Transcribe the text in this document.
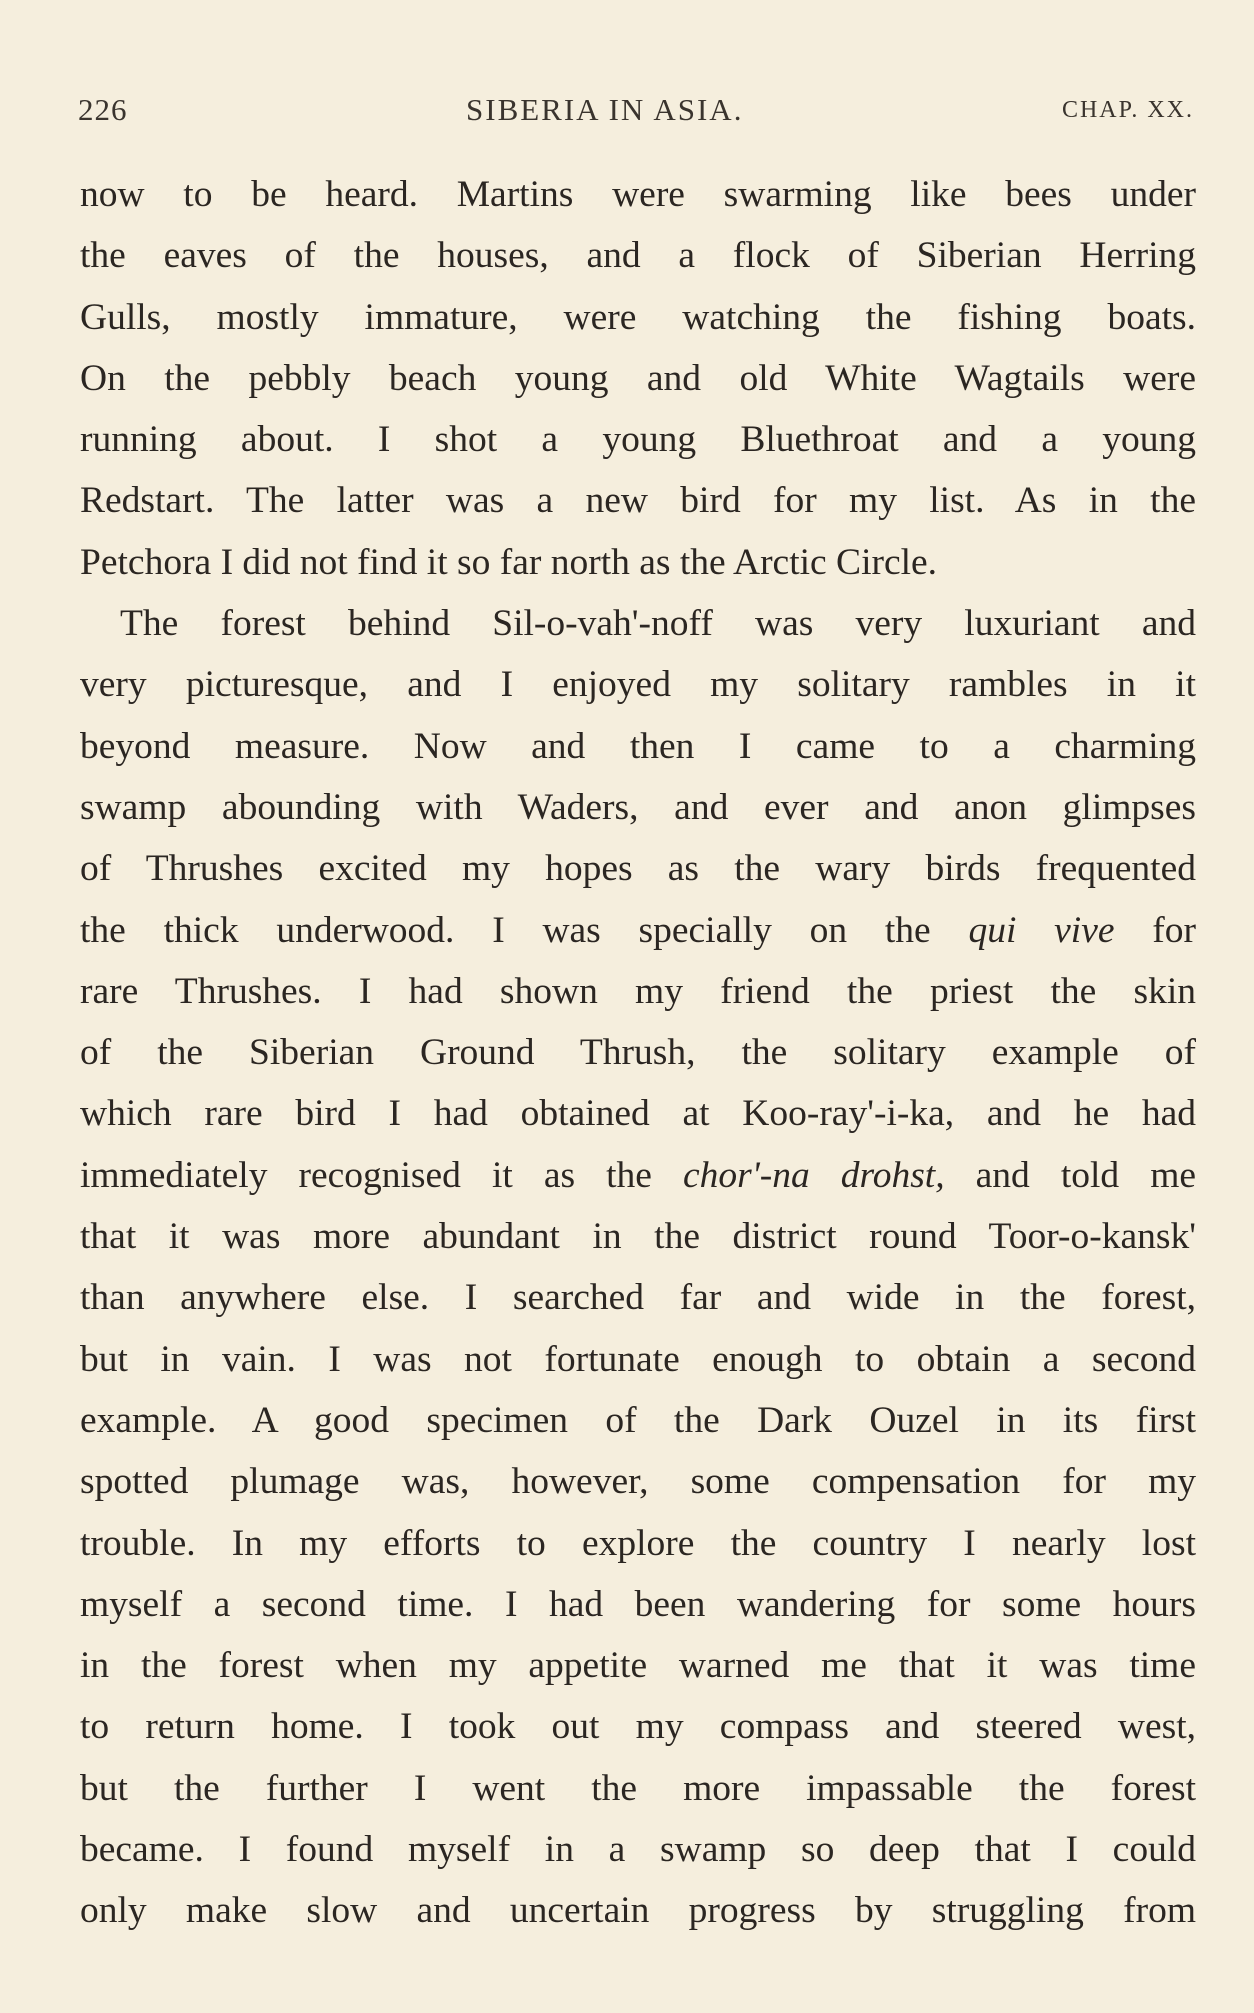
226	SIBERIA IN ASIA.	CHAP. XX.
now to be heard. Martins were swarming like bees under
the eaves of the houses, and a flock of Siberian Herring
Gulls, mostly immature, were watching the fishing boats.
On the pebbly beach young and old White Wagtails were
running about. I shot a young Bluethroat and a young
Redstart. The latter was a new bird for my list. As in the
Petchora I did not find it so far north as the Arctic Circle.
The forest behind Sil-o-vah'-noff was very luxuriant and
very picturesque, and I enjoyed my solitary rambles in it
beyond measure. Now and then I came to a charming
swamp abounding with Waders, and ever and anon glimpses
of Thrushes excited my hopes as the wary birds frequented
the thick underwood. I was specially on the qui vive for
rare Thrushes. I had shown my friend the priest the skin
of the Siberian Ground Thrush, the solitary example of
which rare bird I had obtained at Koo-ray'-i-ka, and he had
immediately recognised it as the chor'-na drohst, and told me
that it was more abundant in the district round Toor-o-kansk'
than anywhere else. I searched far and wide in the forest,
but in vain. I was not fortunate enough to obtain a second
example. A good specimen of the Dark Ouzel in its first
spotted plumage was, however, some compensation for my
trouble. In my efforts to explore the country I nearly lost
myself a second time. I had been wandering for some hours
in the forest when my appetite warned me that it was time
to return home. I took out my compass and steered west,
but the further I went the more impassable the forest
became. I found myself in a swamp so deep that I could
only make slow and uncertain progress by struggling from
